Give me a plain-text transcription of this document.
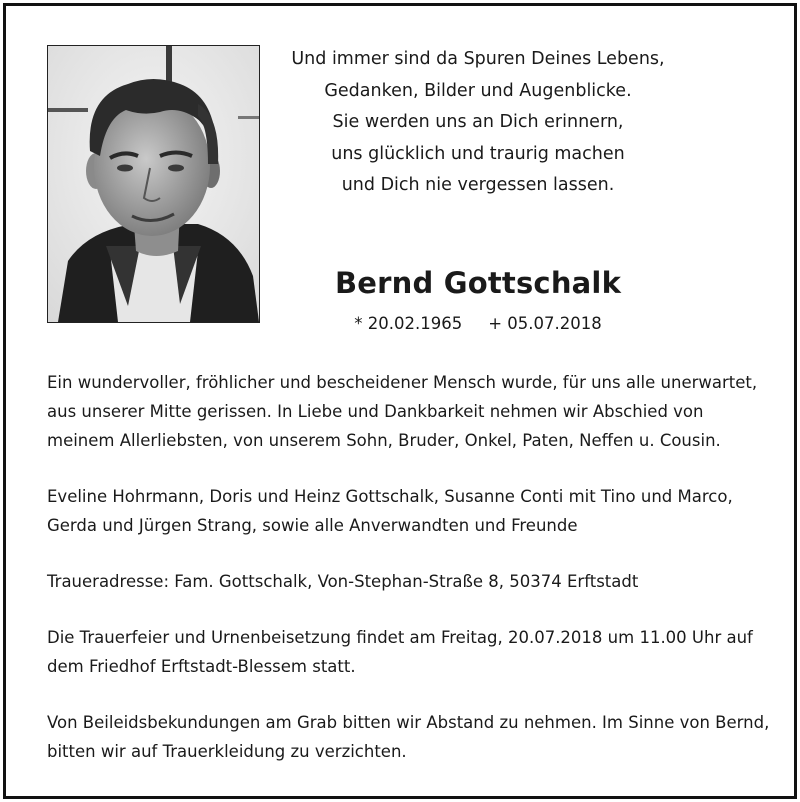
Und immer sind da Spuren Deines Lebens,
Gedanken, Bilder und Augenblicke.
Sie werden uns an Dich erinnern,
uns glücklich und traurig machen
und Dich nie vergessen lassen.
Bernd Gottschalk
* 20.02.1965 + 05.07.2018

Ein wundervoller, fröhlicher und bescheidener Mensch wurde, für uns alle unerwartet,
aus unserer Mitte gerissen. In Liebe und Dankbarkeit nehmen wir Abschied von
meinem Allerliebsten, von unserem Sohn, Bruder, Onkel, Paten, Neffen u. Cousin.

Eveline Hohrmann, Doris und Heinz Gottschalk, Susanne Conti mit Tino und Marco,
Gerda und Jürgen Strang, sowie alle Anverwandten und Freunde

Traueradresse: Fam. Gottschalk, Von-Stephan-Straße 8, 50374 Erftstadt

Die Trauerfeier und Urnenbeisetzung findet am Freitag, 20.07.2018 um 11.00 Uhr auf
dem Friedhof Erftstadt-Blessem statt.

Von Beileidsbekundungen am Grab bitten wir Abstand zu nehmen. Im Sinne von Bernd,
bitten wir auf Trauerkleidung zu verzichten.
